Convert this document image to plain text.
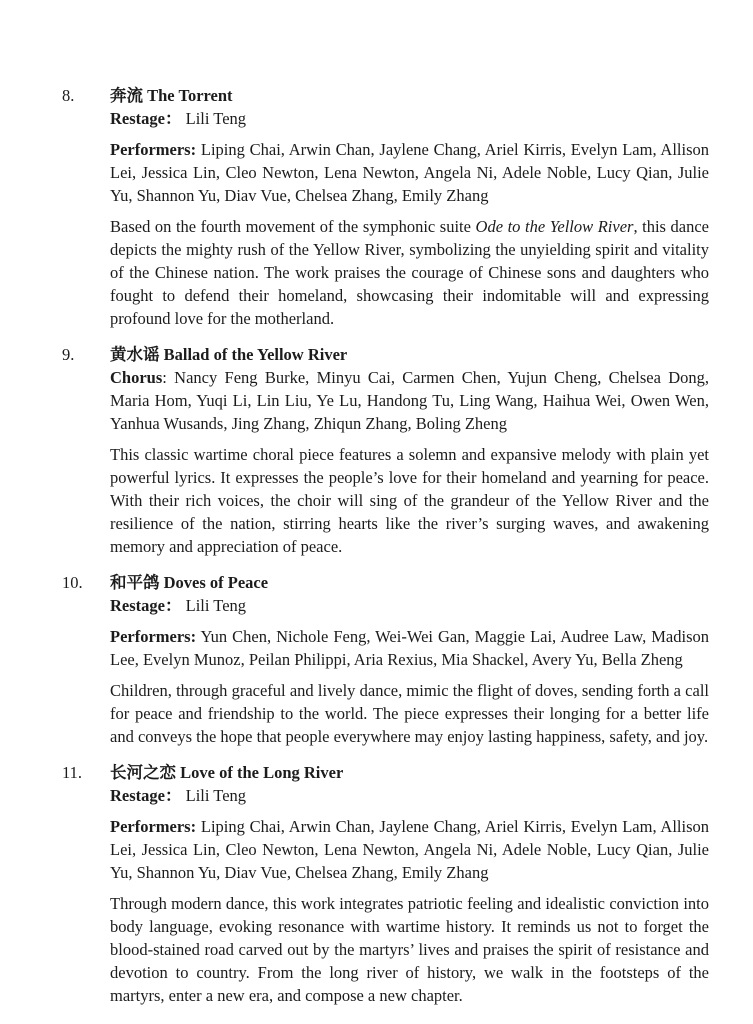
8.	奔流 The Torrent

Restage： Lili Teng

Performers: Liping Chai, Arwin Chan, Jaylene Chang, Ariel Kirris, Evelyn Lam, Allison Lei, Jessica Lin, Cleo Newton, Lena Newton, Angela Ni, Adele Noble, Lucy Qian, Julie Yu, Shannon Yu, Diav Vue, Chelsea Zhang, Emily Zhang

Based on the fourth movement of the symphonic suite Ode to the Yellow River, this dance depicts the mighty rush of the Yellow River, symbolizing the unyielding spirit and vitality of the Chinese nation. The work praises the courage of Chinese sons and daughters who fought to defend their homeland, showcasing their indomitable will and expressing profound love for the motherland.

9.	黄水谣 Ballad of the Yellow River

Chorus: Nancy Feng Burke, Minyu Cai, Carmen Chen, Yujun Cheng, Chelsea Dong, Maria Hom, Yuqi Li, Lin Liu, Ye Lu, Handong Tu, Ling Wang, Haihua Wei, Owen Wen, Yanhua Wusands, Jing Zhang, Zhiqun Zhang, Boling Zheng

This classic wartime choral piece features a solemn and expansive melody with plain yet powerful lyrics. It expresses the people’s love for their homeland and yearning for peace. With their rich voices, the choir will sing of the grandeur of the Yellow River and the resilience of the nation, stirring hearts like the river’s surging waves, and awakening memory and appreciation of peace.

10.	和平鸽 Doves of Peace

Restage： Lili Teng

Performers: Yun Chen, Nichole Feng, Wei-Wei Gan, Maggie Lai, Audree Law, Madison Lee, Evelyn Munoz, Peilan Philippi, Aria Rexius, Mia Shackel, Avery Yu, Bella Zheng

Children, through graceful and lively dance, mimic the flight of doves, sending forth a call for peace and friendship to the world. The piece expresses their longing for a better life and conveys the hope that people everywhere may enjoy lasting happiness, safety, and joy.

11.	长河之恋 Love of the Long River

Restage： Lili Teng

Performers: Liping Chai, Arwin Chan, Jaylene Chang, Ariel Kirris, Evelyn Lam, Allison Lei, Jessica Lin, Cleo Newton, Lena Newton, Angela Ni, Adele Noble, Lucy Qian, Julie Yu, Shannon Yu, Diav Vue, Chelsea Zhang, Emily Zhang

Through modern dance, this work integrates patriotic feeling and idealistic conviction into body language, evoking resonance with wartime history. It reminds us not to forget the blood-stained road carved out by the martyrs’ lives and praises the spirit of resistance and devotion to country. From the long river of history, we walk in the footsteps of the martyrs, enter a new era, and compose a new chapter.
